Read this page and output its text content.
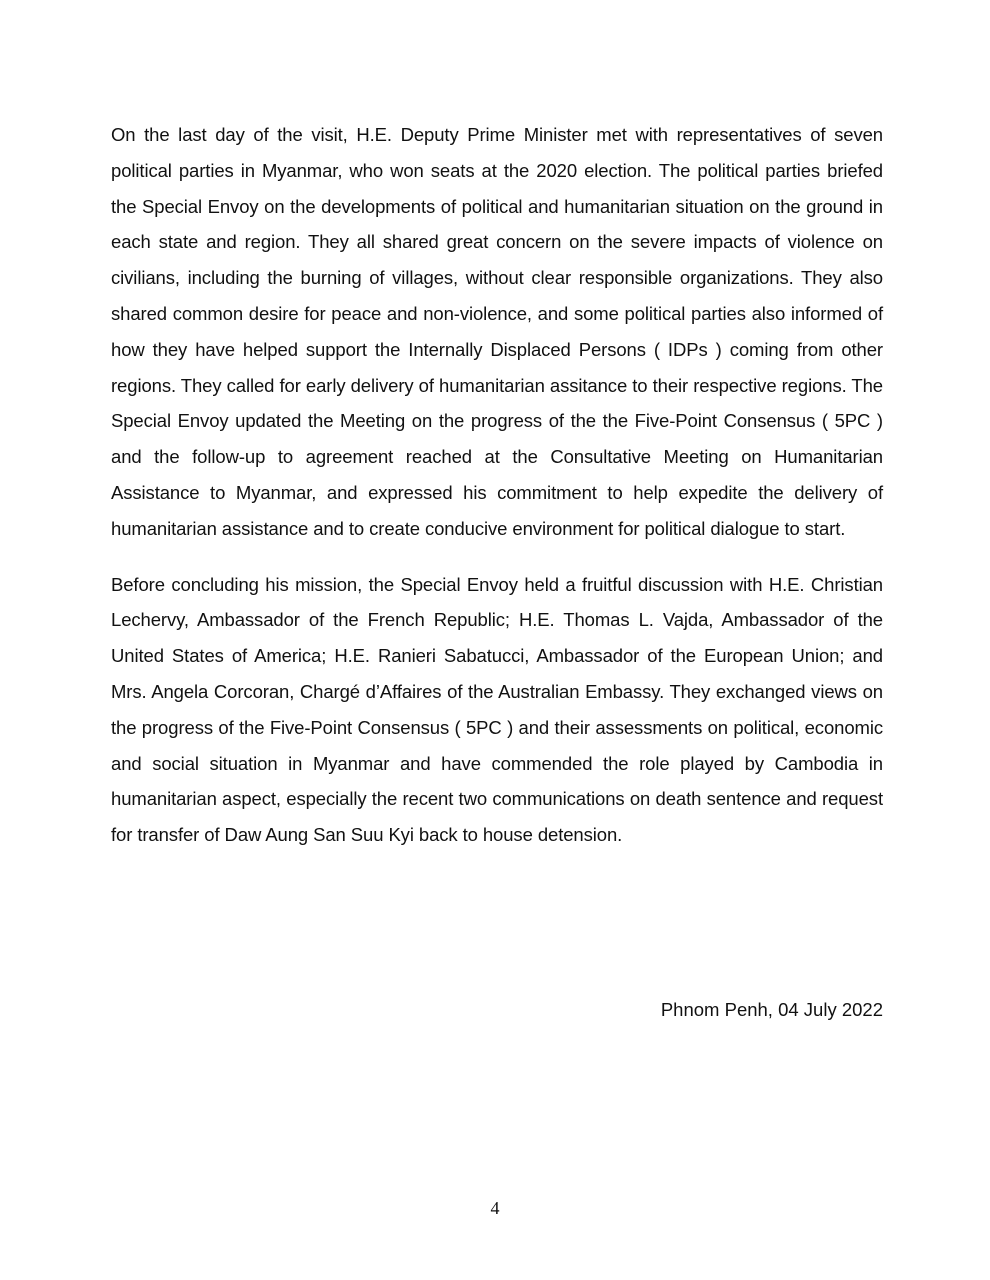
On the last day of the visit, H.E. Deputy Prime Minister met with representatives of seven political parties in Myanmar, who won seats at the 2020 election. The political parties briefed the Special Envoy on the developments of political and humanitarian situation on the ground in each state and region. They all shared great concern on the severe impacts of violence on civilians, including the burning of villages, without clear responsible organizations. They also shared common desire for peace and non-violence, and some political parties also informed of how they have helped support the Internally Displaced Persons ( IDPs ) coming from other regions. They called for early delivery of humanitarian assitance to their respective regions. The Special Envoy updated the Meeting on the progress of the the Five-Point Consensus ( 5PC ) and the follow-up to agreement reached at the Consultative Meeting on Humanitarian Assistance to Myanmar, and expressed his commitment to help expedite the delivery of humanitarian assistance and to create conducive environment for political dialogue to start.

Before concluding his mission, the Special Envoy held a fruitful discussion with H.E. Christian Lechervy, Ambassador of the French Republic; H.E. Thomas L. Vajda, Ambassador of the United States of America; H.E. Ranieri Sabatucci, Ambassador of the European Union; and Mrs. Angela Corcoran, Chargé d’Affaires of the Australian Embassy. They exchanged views on the progress of the Five-Point Consensus ( 5PC ) and their assessments on political, economic and social situation in Myanmar and have commended the role played by Cambodia in humanitarian aspect, especially the recent two communications on death sentence and request for transfer of Daw Aung San Suu Kyi back to house detension.

Phnom Penh, 04 July 2022
4
